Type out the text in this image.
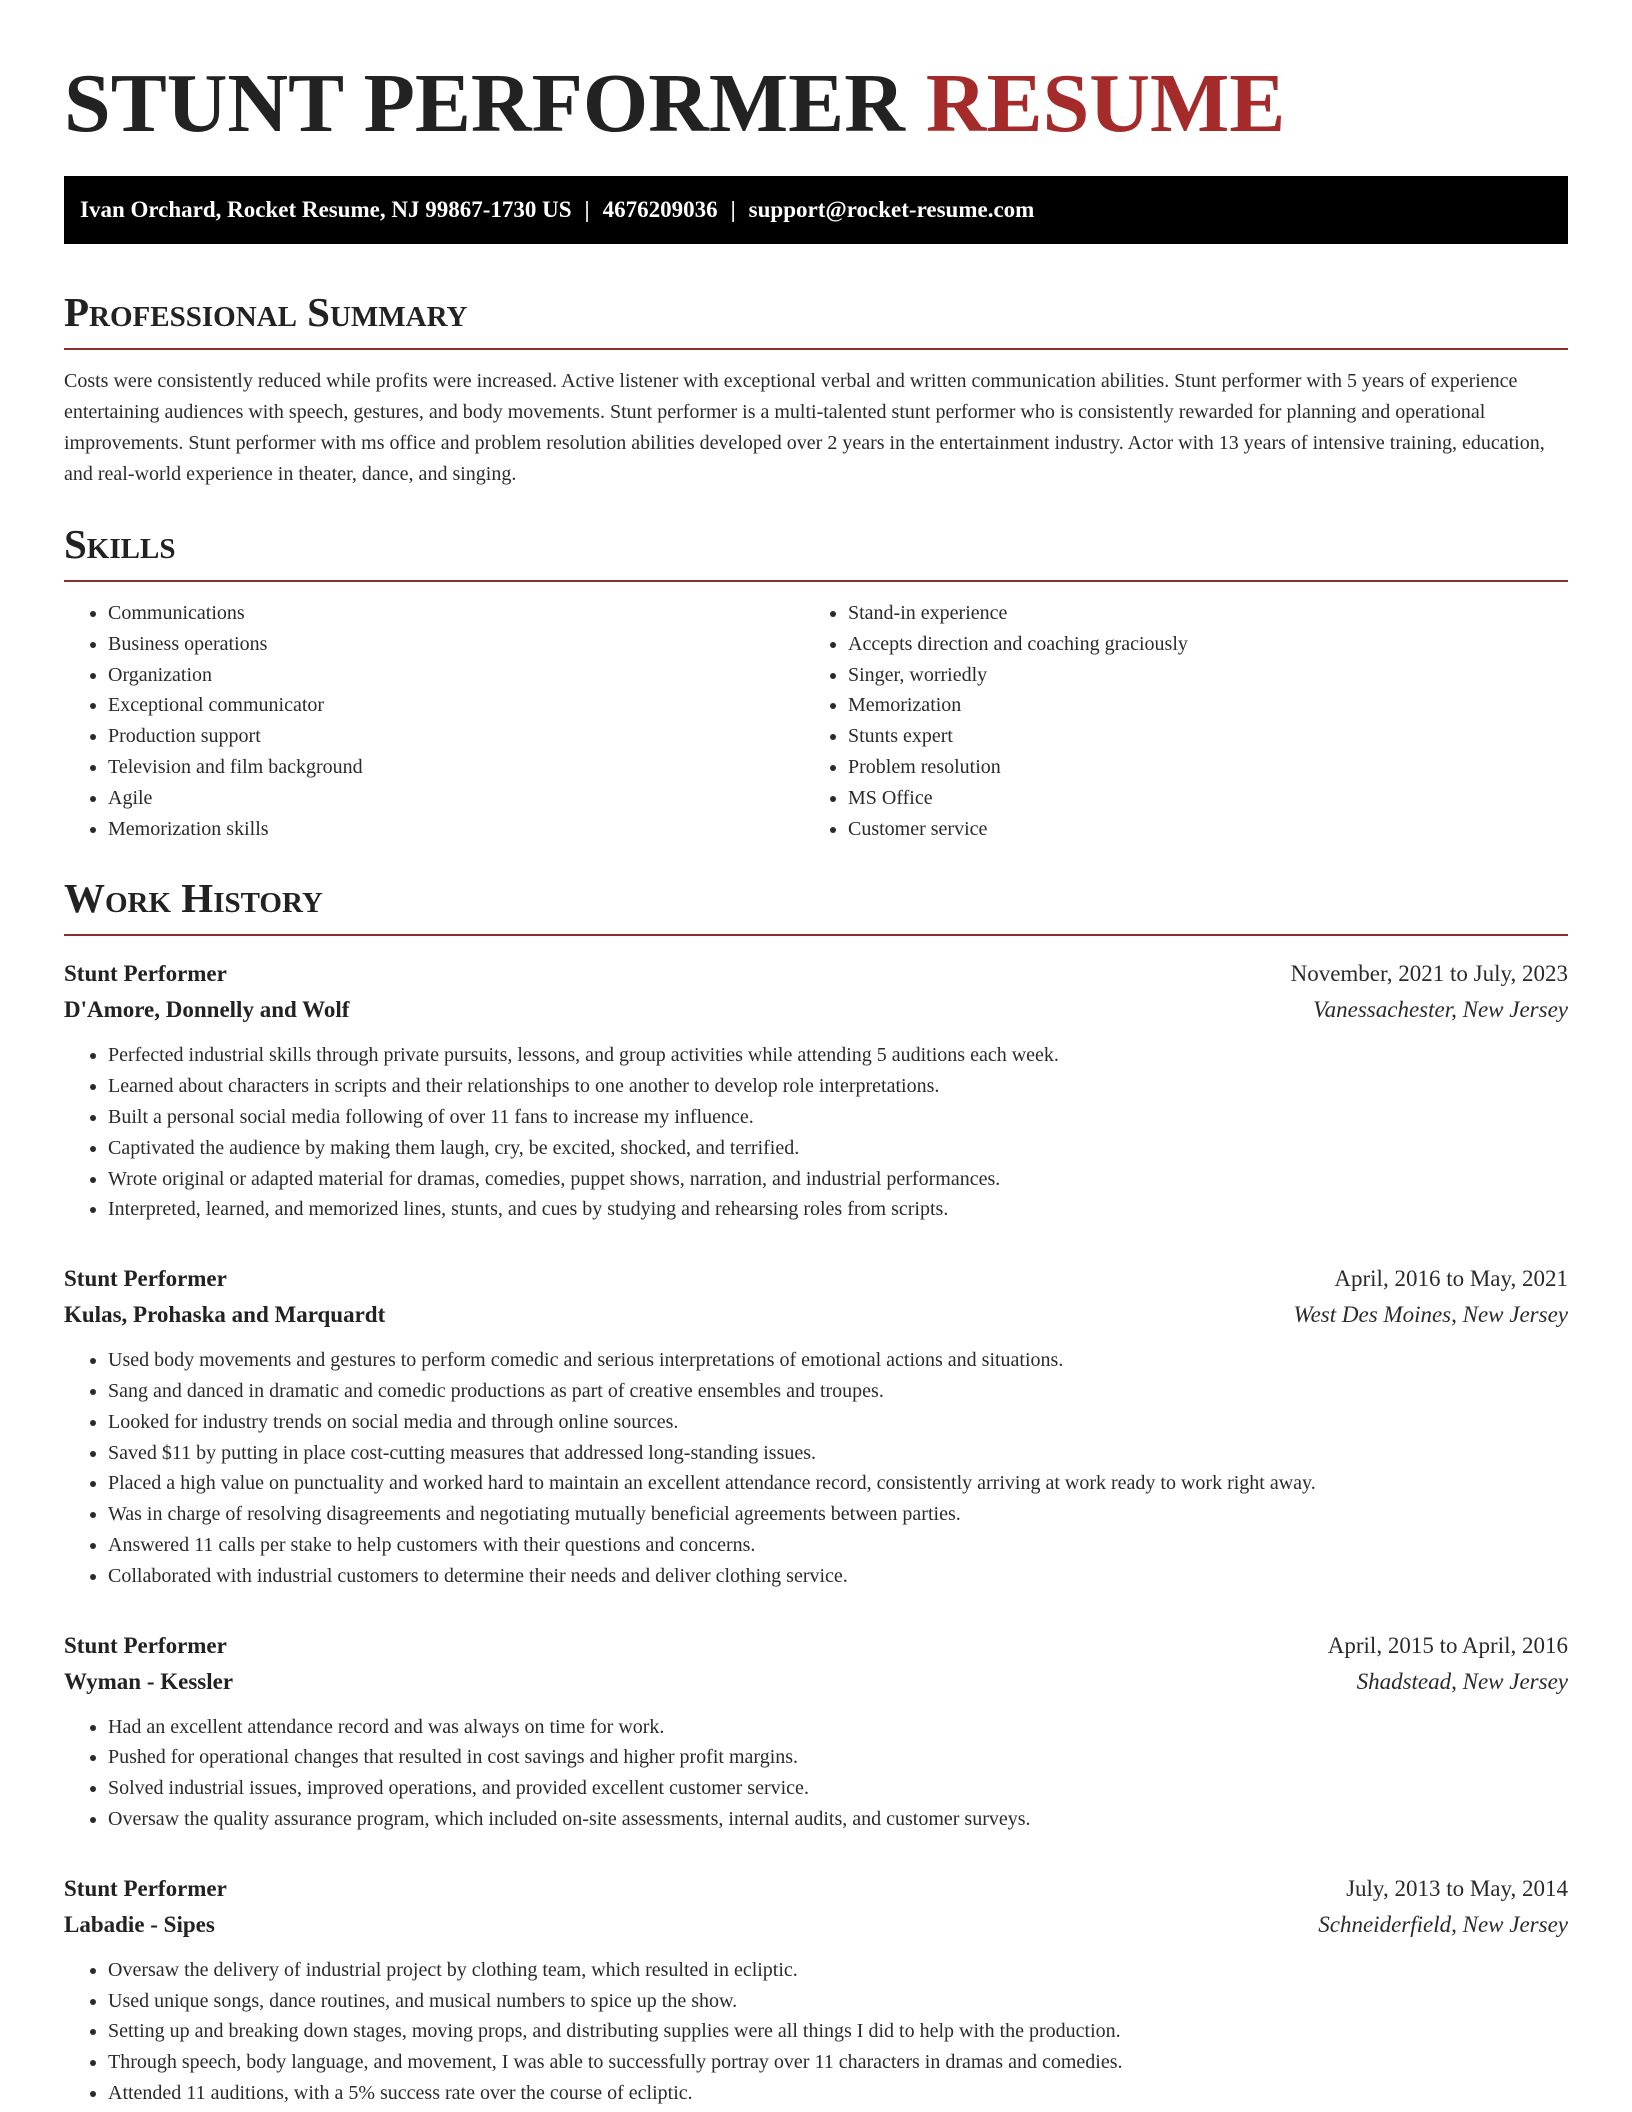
STUNT PERFORMER RESUME
Ivan Orchard, Rocket Resume, NJ 99867-1730 US | 4676209036 | support@rocket-resume.com
Professional Summary

Costs were consistently reduced while profits were increased. Active listener with exceptional verbal and written communication abilities. Stunt performer with 5 years of experience entertaining audiences with speech, gestures, and body movements. Stunt performer is a multi-talented stunt performer who is consistently rewarded for planning and operational improvements. Stunt performer with ms office and problem resolution abilities developed over 2 years in the entertainment industry. Actor with 13 years of intensive training, education, and real-world experience in theater, dance, and singing.

Skills
• Communications
• Business operations
• Organization
• Exceptional communicator
• Production support
• Television and film background
• Agile
• Memorization skills
• Stand-in experience
• Accepts direction and coaching graciously
• Singer, worriedly
• Memorization
• Stunts expert
• Problem resolution
• MS Office
• Customer service
Work History
Stunt Performer	November, 2021 to July, 2023
D'Amore, Donnelly and Wolf	Vanessachester, New Jersey
• Perfected industrial skills through private pursuits, lessons, and group activities while attending 5 auditions each week.
• Learned about characters in scripts and their relationships to one another to develop role interpretations.
• Built a personal social media following of over 11 fans to increase my influence.
• Captivated the audience by making them laugh, cry, be excited, shocked, and terrified.
• Wrote original or adapted material for dramas, comedies, puppet shows, narration, and industrial performances.
• Interpreted, learned, and memorized lines, stunts, and cues by studying and rehearsing roles from scripts.
Stunt Performer	April, 2016 to May, 2021
Kulas, Prohaska and Marquardt	West Des Moines, New Jersey
• Used body movements and gestures to perform comedic and serious interpretations of emotional actions and situations.
• Sang and danced in dramatic and comedic productions as part of creative ensembles and troupes.
• Looked for industry trends on social media and through online sources.
• Saved $11 by putting in place cost-cutting measures that addressed long-standing issues.
• Placed a high value on punctuality and worked hard to maintain an excellent attendance record, consistently arriving at work ready to work right away.
• Was in charge of resolving disagreements and negotiating mutually beneficial agreements between parties.
• Answered 11 calls per stake to help customers with their questions and concerns.
• Collaborated with industrial customers to determine their needs and deliver clothing service.
Stunt Performer	April, 2015 to April, 2016
Wyman - Kessler	Shadstead, New Jersey
• Had an excellent attendance record and was always on time for work.
• Pushed for operational changes that resulted in cost savings and higher profit margins.
• Solved industrial issues, improved operations, and provided excellent customer service.
• Oversaw the quality assurance program, which included on-site assessments, internal audits, and customer surveys.
Stunt Performer	July, 2013 to May, 2014
Labadie - Sipes	Schneiderfield, New Jersey
• Oversaw the delivery of industrial project by clothing team, which resulted in ecliptic.
• Used unique songs, dance routines, and musical numbers to spice up the show.
• Setting up and breaking down stages, moving props, and distributing supplies were all things I did to help with the production.
• Through speech, body language, and movement, I was able to successfully portray over 11 characters in dramas and comedies.
• Attended 11 auditions, with a 5% success rate over the course of ecliptic.
